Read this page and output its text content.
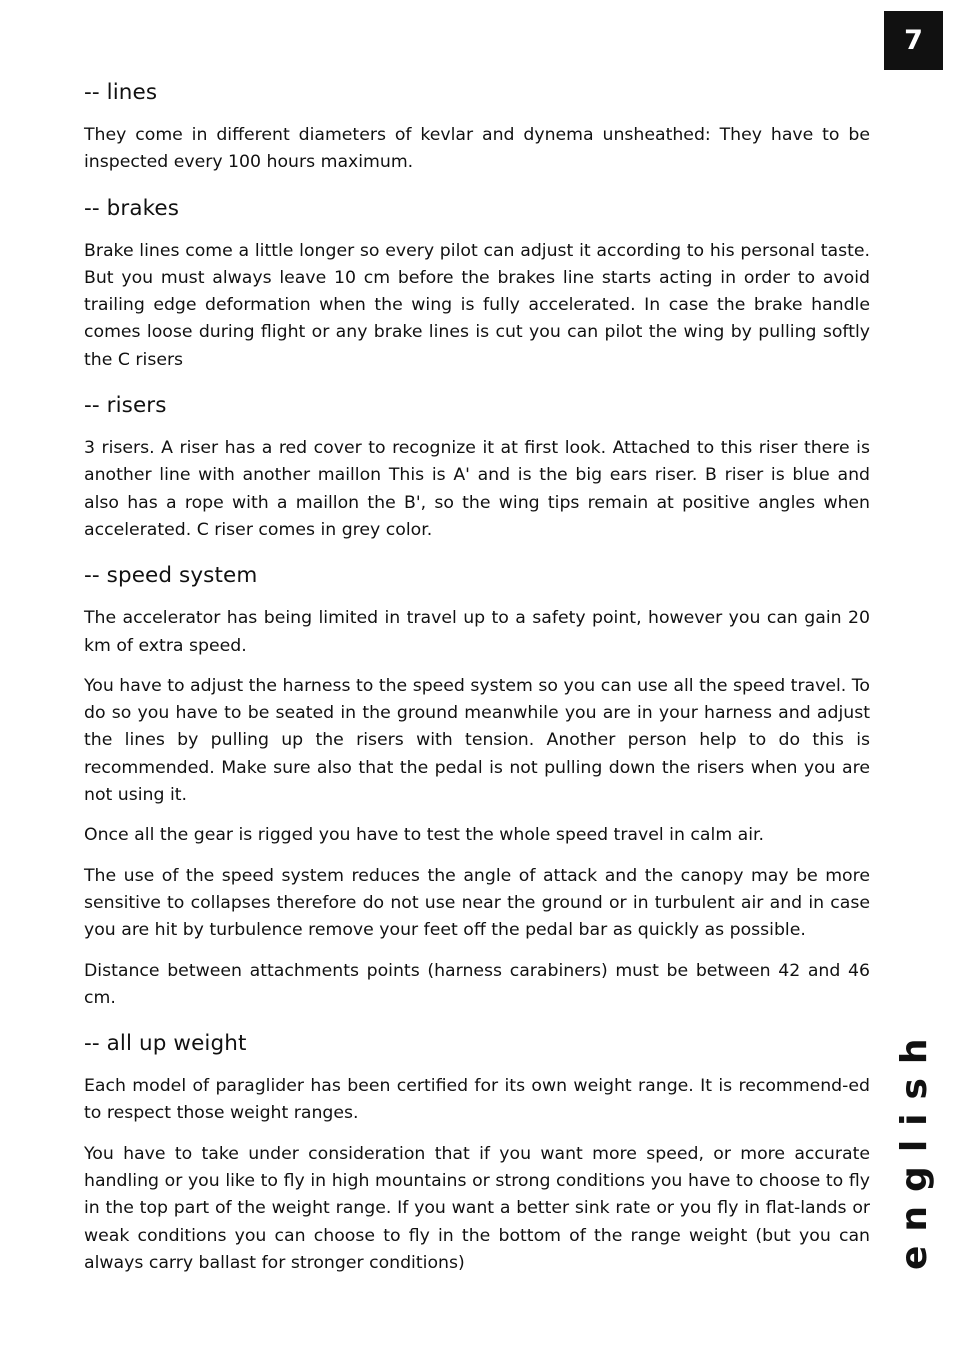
7
english
-- lines

They come in different diameters of kevlar and dynema unsheathed: They have to be inspected every 100 hours maximum.

-- brakes

Brake lines come a little longer so every pilot can adjust it according to his personal taste. But you must always leave 10 cm before the brakes line starts acting in order to avoid trailing edge deformation when the wing is fully accelerated. In case the brake handle comes loose during flight or any brake lines is cut you can pilot the wing by pulling softly the C risers

-- risers

3 risers. A riser has a red cover to recognize it at first look. Attached to this riser there is another line with another maillon This is A' and is the big ears riser. B riser is blue and also has a rope with a maillon the B', so the wing tips remain at positive angles when accelerated. C riser comes in grey color.

-- speed system

The accelerator has being limited in travel up to a safety point, however you can gain 20 km of extra speed.

You have to adjust the harness to the speed system so you can use all the speed travel. To do so you have to be seated in the ground meanwhile you are in your harness and adjust the lines by pulling up the risers with tension. Another person help to do this is recommended. Make sure also that the pedal is not pulling down the risers when you are not using it.

Once all the gear is rigged you have to test the whole speed travel in calm air.

The use of the speed system reduces the angle of attack and the canopy may be more sensitive to collapses therefore do not use near the ground or in turbulent air and in case you are hit by turbulence remove your feet off the pedal bar as quickly as possible.

Distance between attachments points (harness carabiners) must be between 42 and 46 cm.

-- all up weight

Each model of paraglider has been certified for its own weight range. It is recommend-ed to respect those weight ranges.

You have to take under consideration that if you want more speed, or more accurate handling or you like to fly in high mountains or strong conditions you have to choose to fly in the top part of the weight range. If you want a better sink rate or you fly in flat-lands or weak conditions you can choose to fly in the bottom of the range weight (but you can always carry ballast for stronger conditions)
